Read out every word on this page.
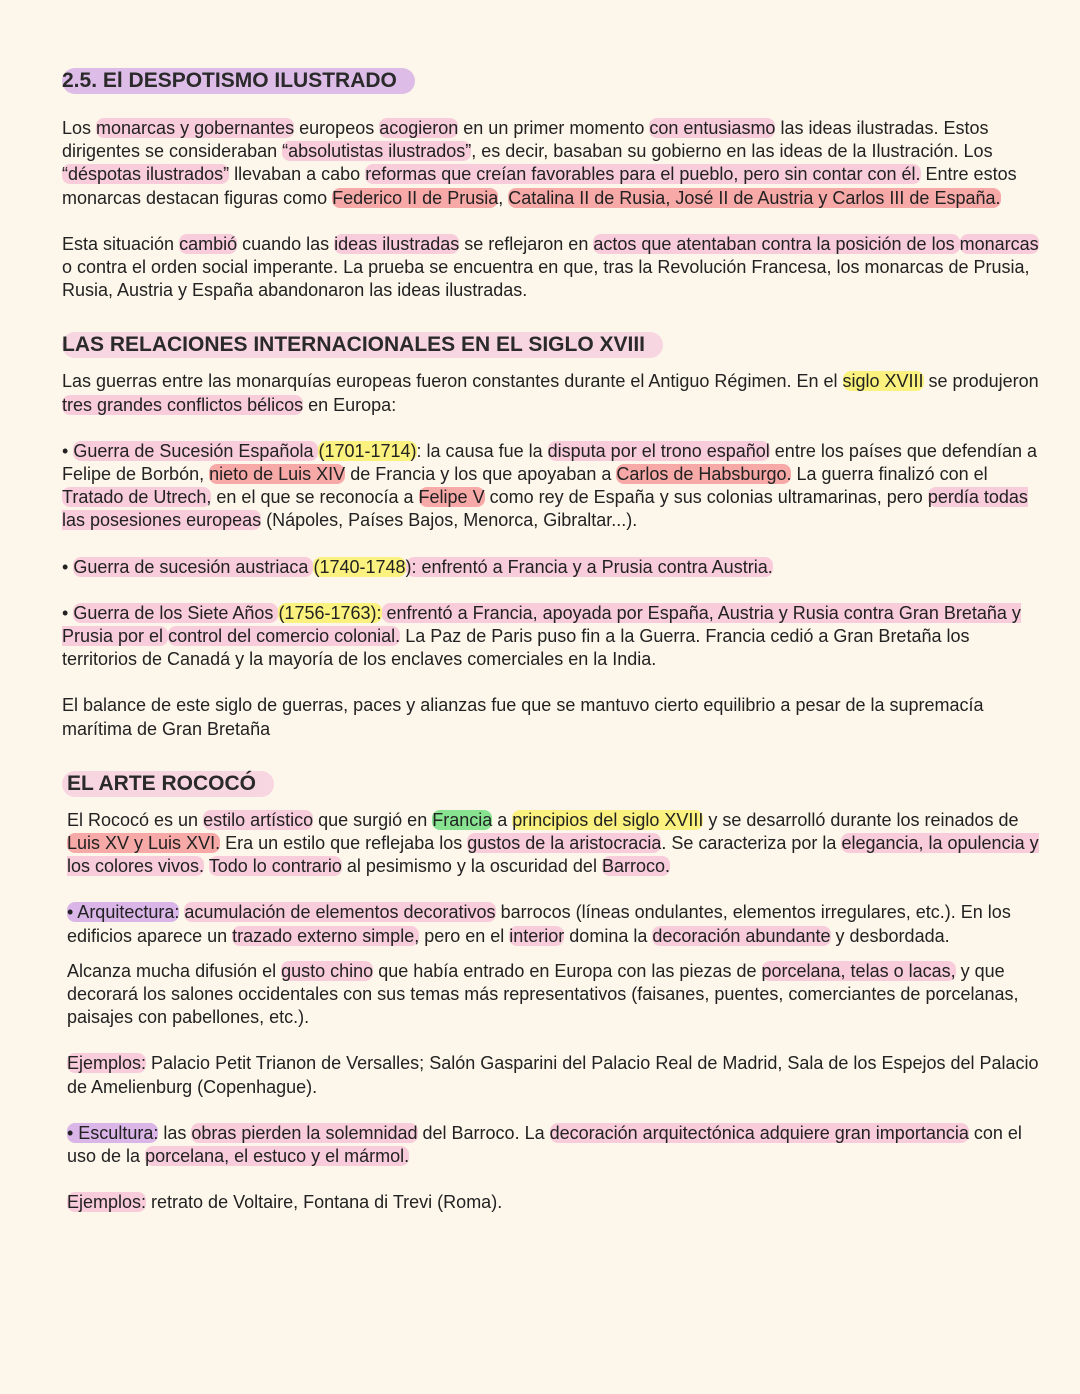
2.5. El DESPOTISMO ILUSTRADO

Los monarcas y gobernantes europeos acogieron en un primer momento con entusiasmo las ideas ilustradas. Estos dirigentes se consideraban “absolutistas ilustrados”, es decir, basaban su gobierno en las ideas de la Ilustración. Los “déspotas ilustrados” llevaban a cabo reformas que creían favorables para el pueblo, pero sin contar con él. Entre estos monarcas destacan figuras como Federico II de Prusia, Catalina II de Rusia, José II de Austria y Carlos III de España.

Esta situación cambió cuando las ideas ilustradas se reflejaron en actos que atentaban contra la posición de los monarcas o contra el orden social imperante. La prueba se encuentra en que, tras la Revolución Francesa, los monarcas de Prusia, Rusia, Austria y España abandonaron las ideas ilustradas.

LAS RELACIONES INTERNACIONALES EN EL SIGLO XVIII

Las guerras entre las monarquías europeas fueron constantes durante el Antiguo Régimen. En el siglo XVIII se produjeron tres grandes conflictos bélicos en Europa:

• Guerra de Sucesión Española (1701-1714): la causa fue la disputa por el trono español entre los países que defendían a Felipe de Borbón, nieto de Luis XIV de Francia y los que apoyaban a Carlos de Habsburgo. La guerra finalizó con el Tratado de Utrech, en el que se reconocía a Felipe V como rey de España y sus colonias ultramarinas, pero perdía todas las posesiones europeas (Nápoles, Países Bajos, Menorca, Gibraltar...).

• Guerra de sucesión austriaca (1740-1748): enfrentó a Francia y a Prusia contra Austria.

• Guerra de los Siete Años (1756-1763): enfrentó a Francia, apoyada por España, Austria y Rusia contra Gran Bretaña y Prusia por el control del comercio colonial. La Paz de Paris puso fin a la Guerra. Francia cedió a Gran Bretaña los territorios de Canadá y la mayoría de los enclaves comerciales en la India.

El balance de este siglo de guerras, paces y alianzas fue que se mantuvo cierto equilibrio a pesar de la supremacía marítima de Gran Bretaña

EL ARTE ROCOCÓ

El Rococó es un estilo artístico que surgió en Francia a principios del siglo XVIII y se desarrolló durante los reinados de Luis XV y Luis XVI. Era un estilo que reflejaba los gustos de la aristocracia. Se caracteriza por la elegancia, la opulencia y los colores vivos. Todo lo contrario al pesimismo y la oscuridad del Barroco.

• Arquitectura: acumulación de elementos decorativos barrocos (líneas ondulantes, elementos irregulares, etc.). En los edificios aparece un trazado externo simple, pero en el interior domina la decoración abundante y desbordada.

Alcanza mucha difusión el gusto chino que había entrado en Europa con las piezas de porcelana, telas o lacas, y que decorará los salones occidentales con sus temas más representativos (faisanes, puentes, comerciantes de porcelanas, paisajes con pabellones, etc.).

Ejemplos: Palacio Petit Trianon de Versalles; Salón Gasparini del Palacio Real de Madrid, Sala de los Espejos del Palacio de Amelienburg (Copenhague).

• Escultura: las obras pierden la solemnidad del Barroco. La decoración arquitectónica adquiere gran importancia con el uso de la porcelana, el estuco y el mármol.

Ejemplos: retrato de Voltaire, Fontana di Trevi (Roma).
